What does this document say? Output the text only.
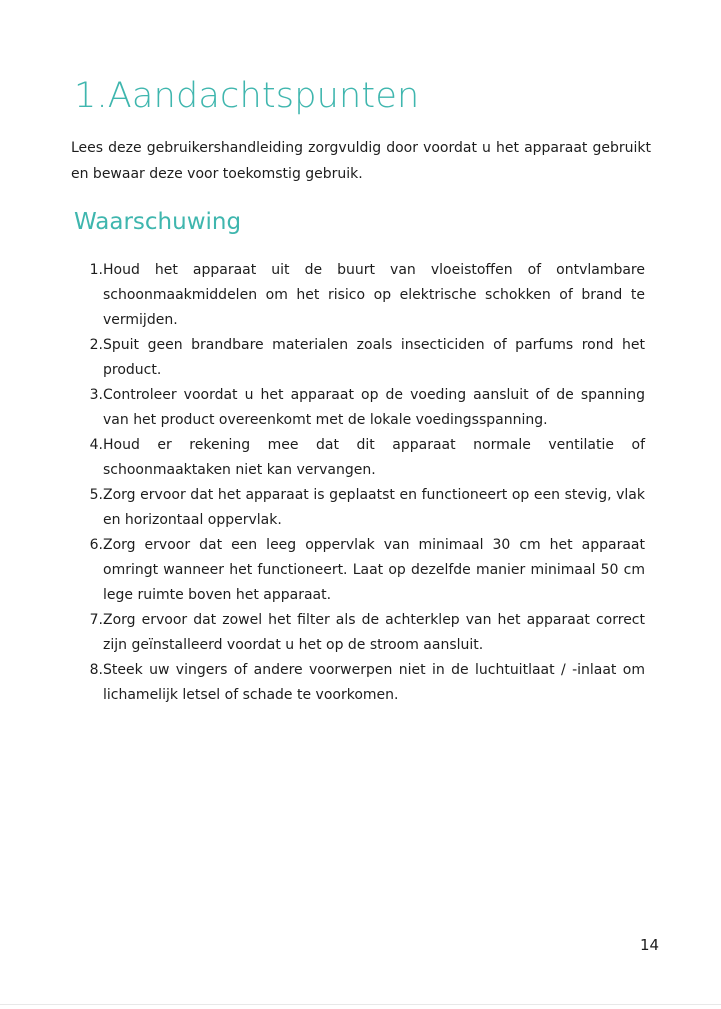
1.Aandachtspunten

Lees deze gebruikershandleiding zorgvuldig door voordat u het apparaat gebruikt en bewaar deze voor toekomstig gebruik.

Waarschuwing
1. Houd het apparaat uit de buurt van vloeistoffen of ontvlambare schoonmaakmiddelen om het risico op elektrische schokken of brand te vermijden.
2. Spuit geen brandbare materialen zoals insecticiden of parfums rond het product.
3. Controleer voordat u het apparaat op de voeding aansluit of de spanning van het product overeenkomt met de lokale voedingsspanning.
4. Houd er rekening mee dat dit apparaat normale ventilatie of schoonmaaktaken niet kan vervangen.
5. Zorg ervoor dat het apparaat is geplaatst en functioneert op een stevig, vlak en horizontaal oppervlak.
6. Zorg ervoor dat een leeg oppervlak van minimaal 30 cm het apparaat omringt wanneer het functioneert. Laat op dezelfde manier minimaal 50 cm lege ruimte boven het apparaat.
7. Zorg ervoor dat zowel het filter als de achterklep van het apparaat correct zijn geïnstalleerd voordat u het op de stroom aansluit.
8. Steek uw vingers of andere voorwerpen niet in de luchtuitlaat / -inlaat om lichamelijk letsel of schade te voorkomen.
14
